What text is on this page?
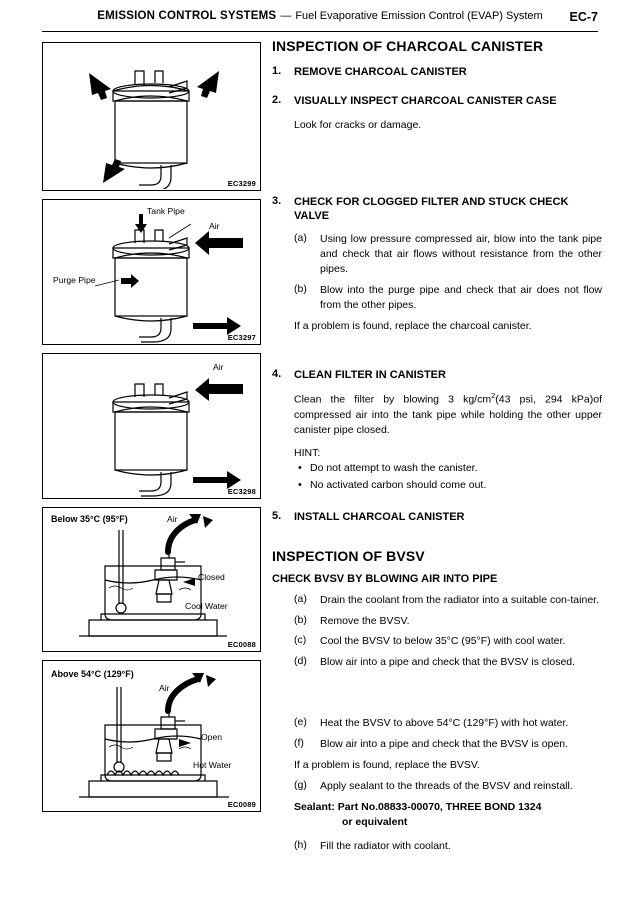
EMISSION CONTROL SYSTEMS — Fuel Evaporative Emission Control (EVAP) System EC-7
EC3299
Tank Pipe
Air
Purge Pipe
EC3297
Air
EC3298
Below 35°C (95°F)	Air
Closed
Cool Water
EC0088
Above 54°C (129°F)
Air
Open
Hot Water
EC0089
INSPECTION OF CHARCOAL CANISTER
1.	REMOVE CHARCOAL CANISTER
2.	VISUALLY INSPECT CHARCOAL CANISTER CASE

Look for cracks or damage.

3.	CHECK FOR CLOGGED FILTER AND STUCK CHECK VALVE
(a)	Using low pressure compressed air, blow into the tank pipe and check that air flows without resistance from the other pipes.
(b)	Blow into the purge pipe and check that air does not flow from the other pipes.

If a problem is found, replace the charcoal canister.

4.	CLEAN FILTER IN CANISTER

Clean the filter by blowing 3 $kg/cm^2(43$ psi, 294 kPa)of compressed air into the tank pipe while holding the other upper canister pipe closed.

HINT:
• Do not attempt to wash the canister.
• No activated carbon should come out.
5.	INSTALL CHARCOAL CANISTER
INSPECTION OF BVSV
CHECK BVSV BY BLOWING AIR INTO PIPE
(a)	Drain the coolant from the radiator into a suitable con-tainer.
(b)	Remove the BVSV.
(c)	Cool the BVSV to below 35°C (95°F) with cool water.
(d)	Blow air into a pipe and check that the BVSV is closed.
(e)	Heat the BVSV to above 54°C (129°F) with hot water.
(f)	Blow air into a pipe and check that the BVSV is open.

If a problem is found, replace the BVSV.

(g)	Apply sealant to the threads of the BVSV and reinstall.
Sealant: Part No.08833-00070, THREE BOND 1324
or equivalent
(h)	Fill the radiator with coolant.
